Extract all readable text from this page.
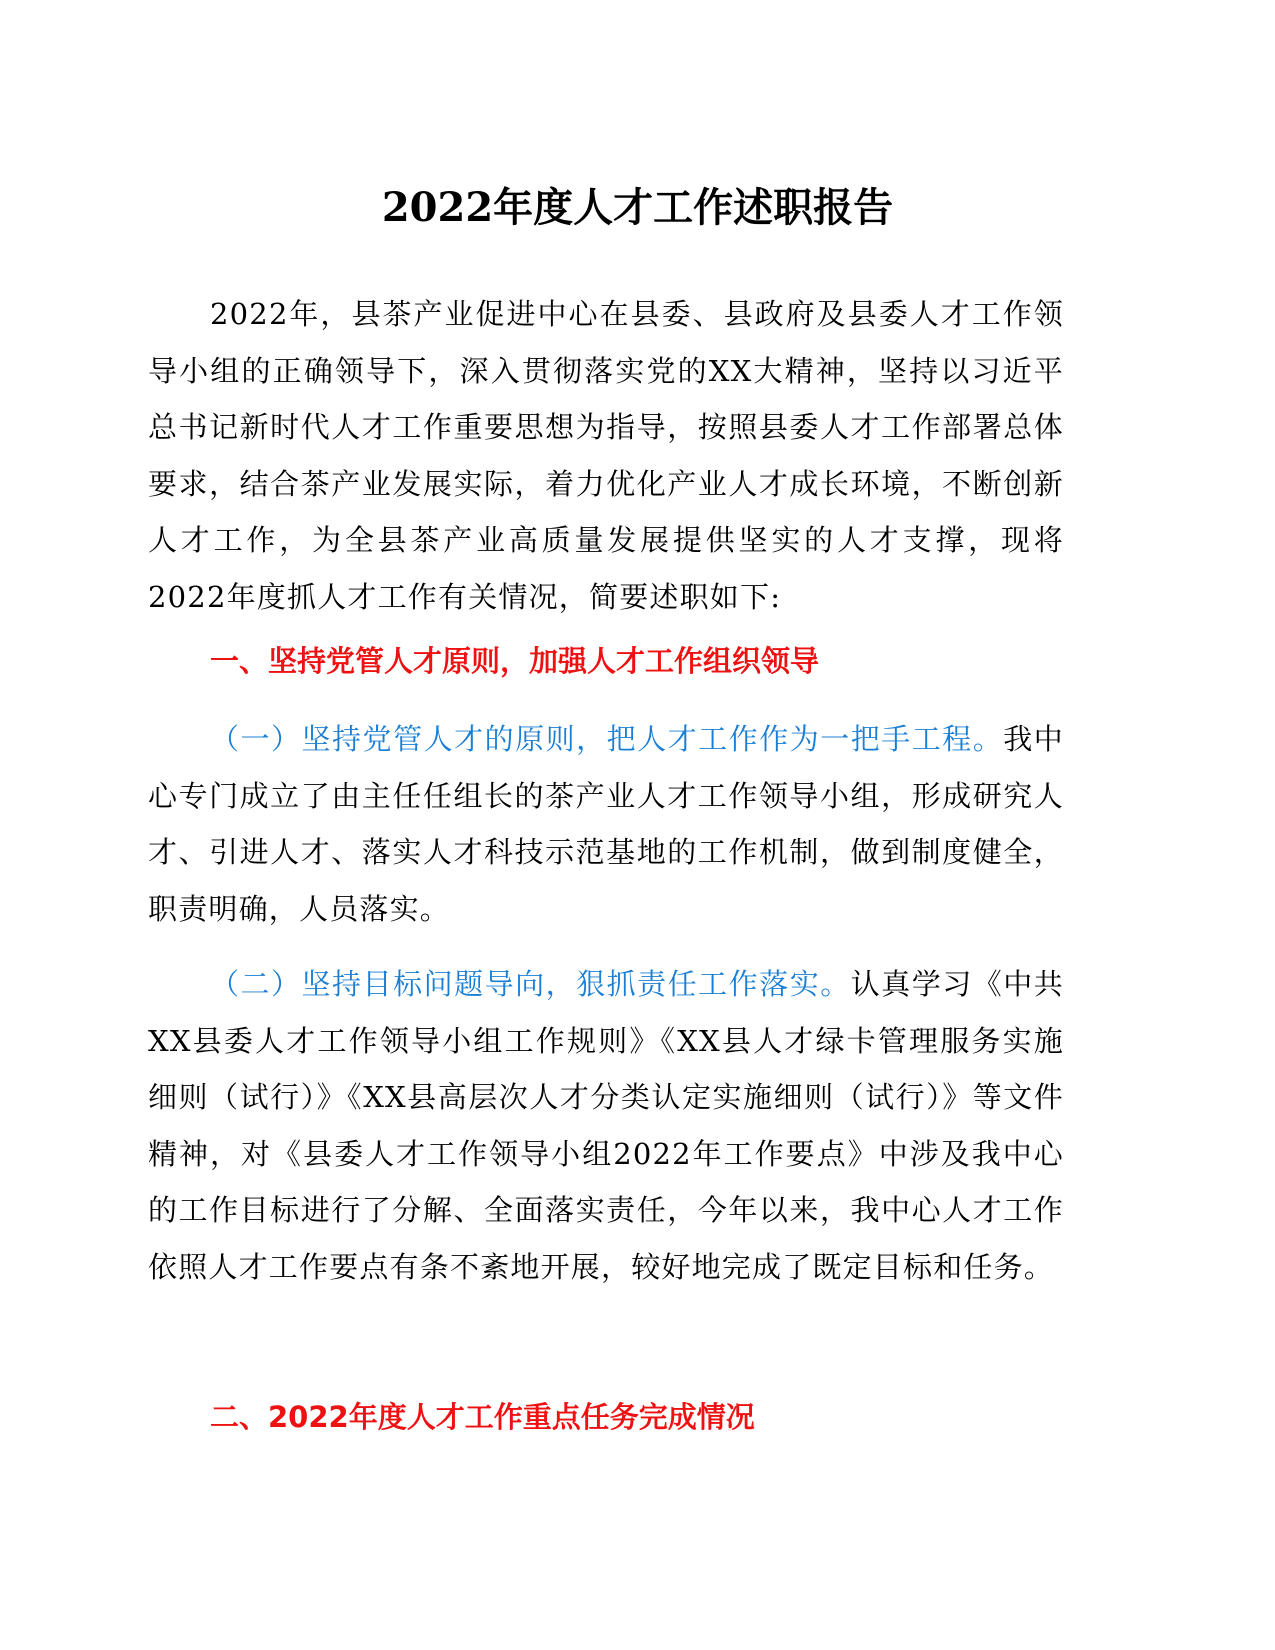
2022年度人才工作述职报告

2022年，县茶产业促进中心在县委、县政府及县委人才工作领导小组的正确领导下，深入贯彻落实党的XX大精神，坚持以习近平总书记新时代人才工作重要思想为指导，按照县委人才工作部署总体要求，结合茶产业发展实际，着力优化产业人才成长环境，不断创新人才工作，为全县茶产业高质量发展提供坚实的人才支撑，现将2022年度抓人才工作有关情况，简要述职如下:

一、坚持党管人才原则，加强人才工作组织领导

（一）坚持党管人才的原则，把人才工作作为一把手工程。我中心专门成立了由主任任组长的茶产业人才工作领导小组，形成研究人才、引进人才、落实人才科技示范基地的工作机制，做到制度健全，职责明确，人员落实。

（二）坚持目标问题导向，狠抓责任工作落实。认真学习《中共XX县委人才工作领导小组工作规则》《XX县人才绿卡管理服务实施细则（试行）》《XX县高层次人才分类认定实施细则（试行）》等文件精神，对《县委人才工作领导小组2022年工作要点》中涉及我中心的工作目标进行了分解、全面落实责任，今年以来，我中心人才工作依照人才工作要点有条不紊地开展，较好地完成了既定目标和任务。

二、2022年度人才工作重点任务完成情况
